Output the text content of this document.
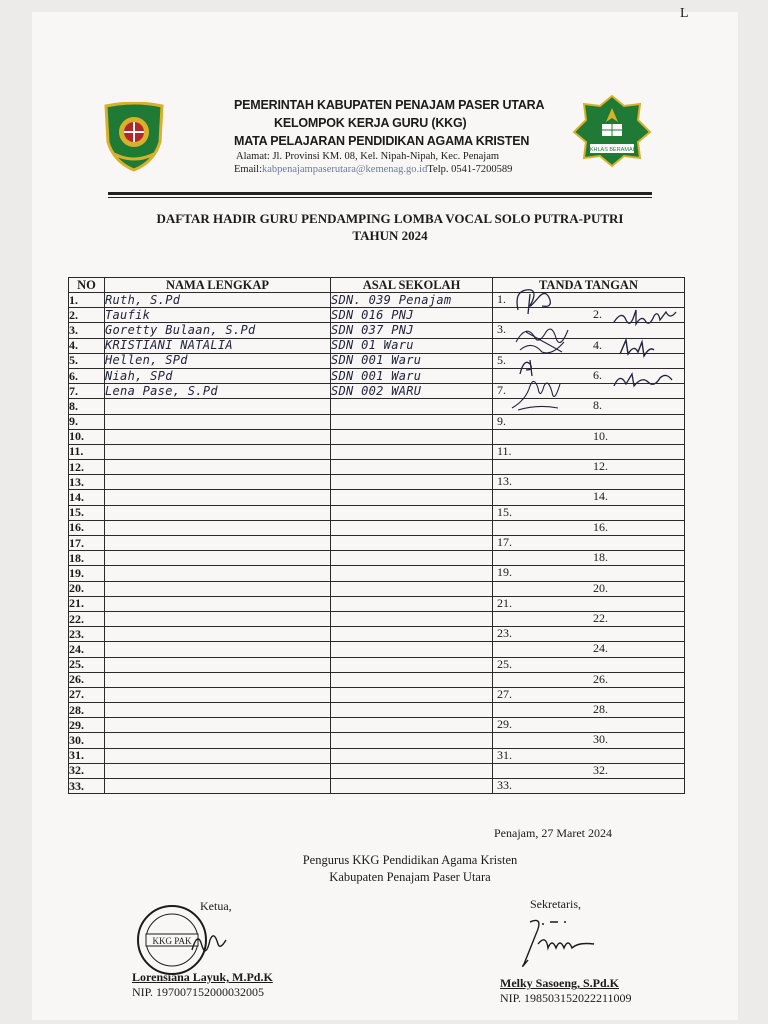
L
IKHLAS BERAMAL
PEMERINTAH KABUPATEN PENAJAM PASER UTARA
KELOMPOK KERJA GURU (KKG)
MATA PELAJARAN PENDIDIKAN AGAMA KRISTEN
Alamat: Jl. Provinsi KM. 08, Kel. Nipah-Nipah, Kec. Penajam
Email:kabpenajampaserutara@kemenag.go.idTelp. 0541-7200589
DAFTAR HADIR GURU PENDAMPING LOMBA VOCAL SOLO PUTRA-PUTRI
TAHUN 2024
NO	NAMA LENGKAP	ASAL SEKOLAH	TANDA TANGAN
1.	Ruth, S.Pd	SDN. 039 Penajam	1.

2.	Taufik	SDN 016 PNJ	2.

3.	Goretty Bulaan, S.Pd	SDN 037 PNJ	3.

4.	KRISTIANI NATALIA	SDN 01 Waru	4.

5.	Hellen, SPd	SDN 001 Waru	5.

6.	Niah, SPd	SDN 001 Waru	6.

7.	Lena Pase, S.Pd	SDN 002 WARU	7.

8.			8.

9.			9.

10.			10.

11.			11.

12.			12.

13.			13.

14.			14.

15.			15.

16.			16.

17.			17.

18.			18.

19.			19.

20.			20.

21.			21.

22.			22.

23.			23.

24.			24.

25.			25.

26.			26.

27.			27.

28.			28.

29.			29.

30.			30.

31.			31.

32.			32.

33.			33.
Penajam, 27 Maret 2024
Pengurus KKG Pendidikan Agama Kristen
Kabupaten Penajam Paser Utara
Ketua,	Sekretaris,
KKG PAK
Lorensiana Layuk, M.Pd.K
NIP. 197007152000032005
Melky Sasoeng, S.Pd.K
NIP. 198503152022211009
